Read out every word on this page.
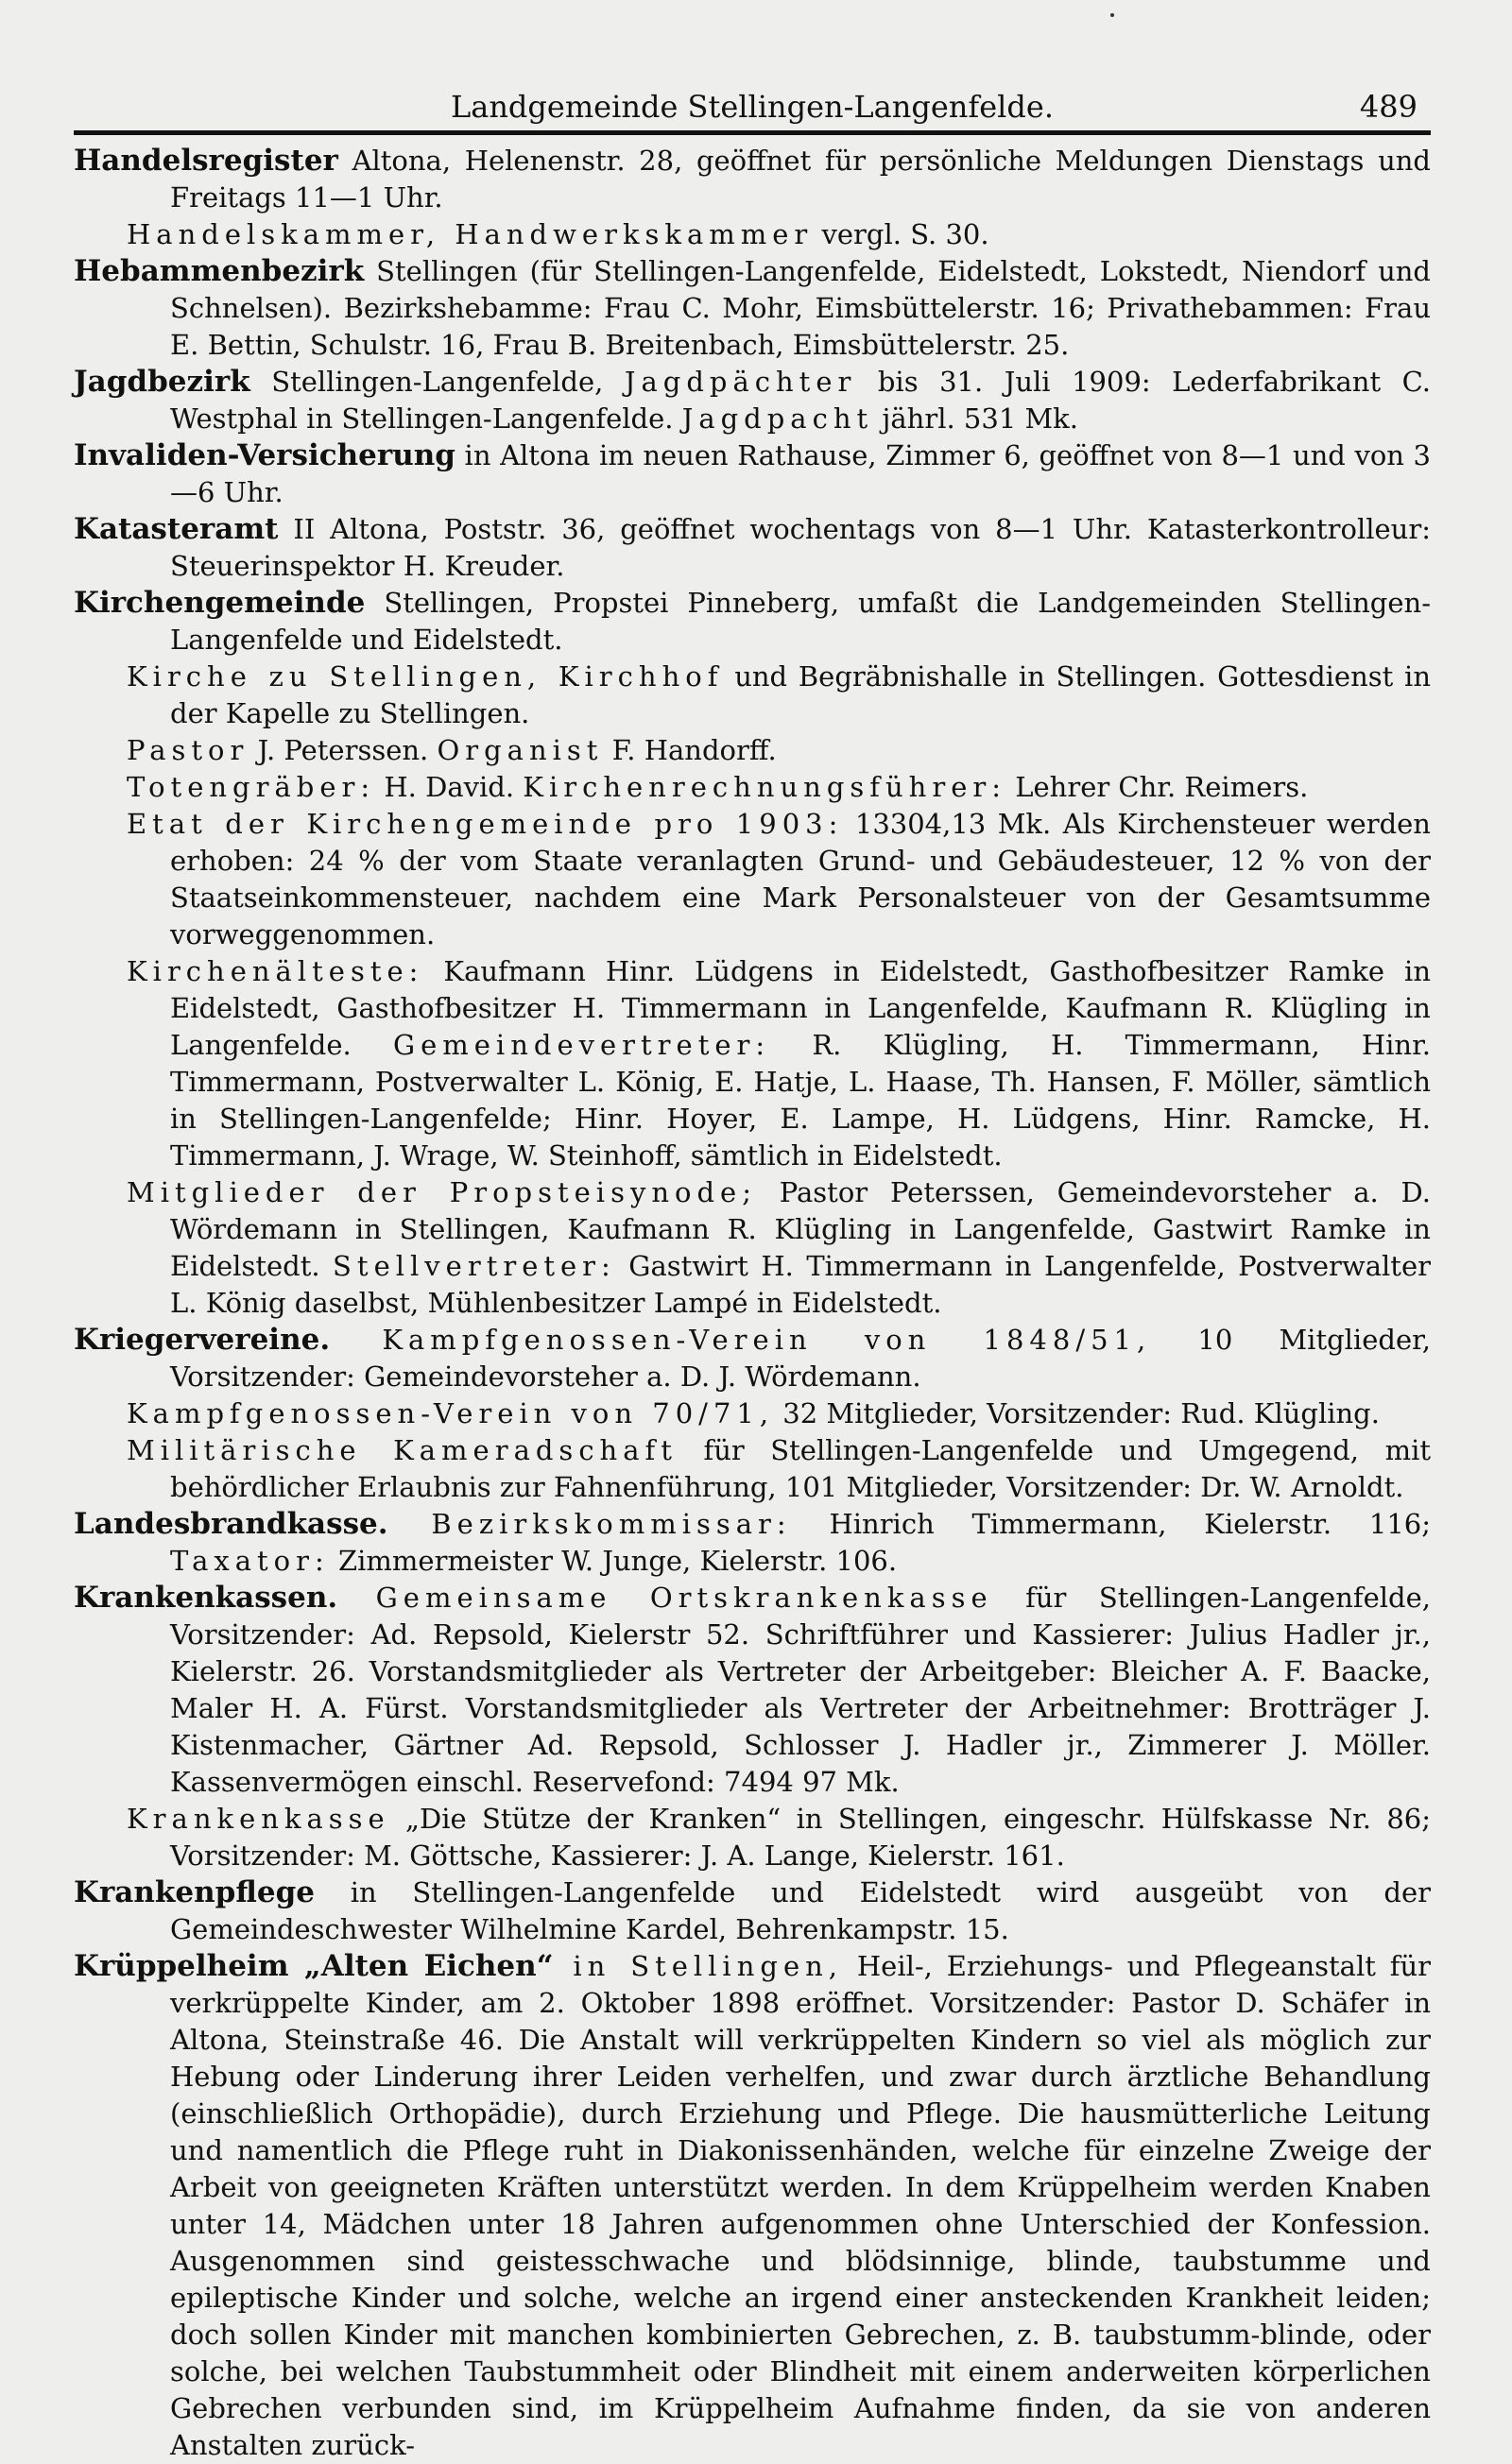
Landgemeinde Stellingen-Langenfelde.	489

Handelsregister Altona, Helenenstr. 28, geöffnet für persönliche Meldungen Dienstags und Freitags 11—1 Uhr.

Handelskammer, Handwerkskammer vergl. S. 30.

Hebammenbezirk Stellingen (für Stellingen-Langenfelde, Eidelstedt, Lokstedt, Niendorf und Schnelsen). Bezirkshebamme: Frau C. Mohr, Eimsbüttelerstr. 16; Privathebammen: Frau E. Bettin, Schulstr. 16, Frau B. Breitenbach, Eimsbüttelerstr. 25.

Jagdbezirk Stellingen-Langenfelde, Jagdpächter bis 31. Juli 1909: Lederfabrikant C. Westphal in Stellingen-Langenfelde. Jagdpacht jährl. 531 Mk.

Invaliden-Versicherung in Altona im neuen Rathause, Zimmer 6, geöffnet von 8—1 und von 3—6 Uhr.

Katasteramt II Altona, Poststr. 36, geöffnet wochentags von 8—1 Uhr. Katasterkontrolleur: Steuerinspektor H. Kreuder.

Kirchengemeinde Stellingen, Propstei Pinneberg, umfaßt die Landgemeinden Stellingen-Langenfelde und Eidelstedt.

Kirche zu Stellingen, Kirchhof und Begräbnishalle in Stellingen. Gottesdienst in der Kapelle zu Stellingen.

Pastor J. Peterssen. Organist F. Handorff.

Totengräber: H. David. Kirchenrechnungsführer: Lehrer Chr. Reimers.

Etat der Kirchengemeinde pro 1903: 13304,13 Mk. Als Kirchensteuer werden erhoben: 24 % der vom Staate veranlagten Grund- und Gebäudesteuer, 12 % von der Staatseinkommensteuer, nachdem eine Mark Personalsteuer von der Gesamtsumme vorweggenommen.

Kirchenälteste: Kaufmann Hinr. Lüdgens in Eidelstedt, Gasthofbesitzer Ramke in Eidelstedt, Gasthofbesitzer H. Timmermann in Langenfelde, Kaufmann R. Klügling in Langenfelde. Gemeindevertreter: R. Klügling, H. Timmermann, Hinr. Timmermann, Postverwalter L. König, E. Hatje, L. Haase, Th. Hansen, F. Möller, sämtlich in Stellingen-Langenfelde; Hinr. Hoyer, E. Lampe, H. Lüdgens, Hinr. Ramcke, H. Timmermann, J. Wrage, W. Steinhoff, sämtlich in Eidelstedt.

Mitglieder der Propsteisynode; Pastor Peterssen, Gemeindevorsteher a. D. Wördemann in Stellingen, Kaufmann R. Klügling in Langenfelde, Gastwirt Ramke in Eidelstedt. Stellvertreter: Gastwirt H. Timmermann in Langenfelde, Postverwalter L. König daselbst, Mühlenbesitzer Lampé in Eidelstedt.

Kriegervereine. Kampfgenossen-Verein von 1848/51, 10 Mitglieder, Vorsitzender: Gemeindevorsteher a. D. J. Wördemann.

Kampfgenossen-Verein von 70/71, 32 Mitglieder, Vorsitzender: Rud. Klügling.

Militärische Kameradschaft für Stellingen-Langenfelde und Umgegend, mit behördlicher Erlaubnis zur Fahnenführung, 101 Mitglieder, Vorsitzender: Dr. W. Arnoldt.

Landesbrandkasse. Bezirkskommissar: Hinrich Timmermann, Kielerstr. 116; Taxator: Zimmermeister W. Junge, Kielerstr. 106.

Krankenkassen. Gemeinsame Ortskrankenkasse für Stellingen-Langenfelde, Vorsitzender: Ad. Repsold, Kielerstr 52. Schriftführer und Kassierer: Julius Hadler jr., Kielerstr. 26. Vorstandsmitglieder als Vertreter der Arbeitgeber: Bleicher A. F. Baacke, Maler H. A. Fürst. Vorstandsmitglieder als Vertreter der Arbeitnehmer: Brotträger J. Kistenmacher, Gärtner Ad. Repsold, Schlosser J. Hadler jr., Zimmerer J. Möller. Kassenvermögen einschl. Reservefond: 7494 97 Mk.

Krankenkasse „Die Stütze der Kranken“ in Stellingen, eingeschr. Hülfskasse Nr. 86; Vorsitzender: M. Göttsche, Kassierer: J. A. Lange, Kielerstr. 161.

Krankenpflege in Stellingen-Langenfelde und Eidelstedt wird ausgeübt von der Gemeindeschwester Wilhelmine Kardel, Behrenkampstr. 15.

Krüppelheim „Alten Eichen“ in Stellingen, Heil-, Erziehungs- und Pflegeanstalt für verkrüppelte Kinder, am 2. Oktober 1898 eröffnet. Vorsitzender: Pastor D. Schäfer in Altona, Steinstraße 46. Die Anstalt will verkrüppelten Kindern so viel als möglich zur Hebung oder Linderung ihrer Leiden verhelfen, und zwar durch ärztliche Behandlung (einschließlich Orthopädie), durch Erziehung und Pflege. Die hausmütterliche Leitung und namentlich die Pflege ruht in Diakonissenhänden, welche für einzelne Zweige der Arbeit von geeigneten Kräften unterstützt werden. In dem Krüppelheim werden Knaben unter 14, Mädchen unter 18 Jahren aufgenommen ohne Unterschied der Konfession. Ausgenommen sind geistesschwache und blödsinnige, blinde, taubstumme und epileptische Kinder und solche, welche an irgend einer ansteckenden Krankheit leiden; doch sollen Kinder mit manchen kombinierten Gebrechen, z. B. taubstumm-blinde, oder solche, bei welchen Taubstummheit oder Blindheit mit einem anderweiten körperlichen Gebrechen verbunden sind, im Krüppelheim Aufnahme finden, da sie von anderen Anstalten zurück-
